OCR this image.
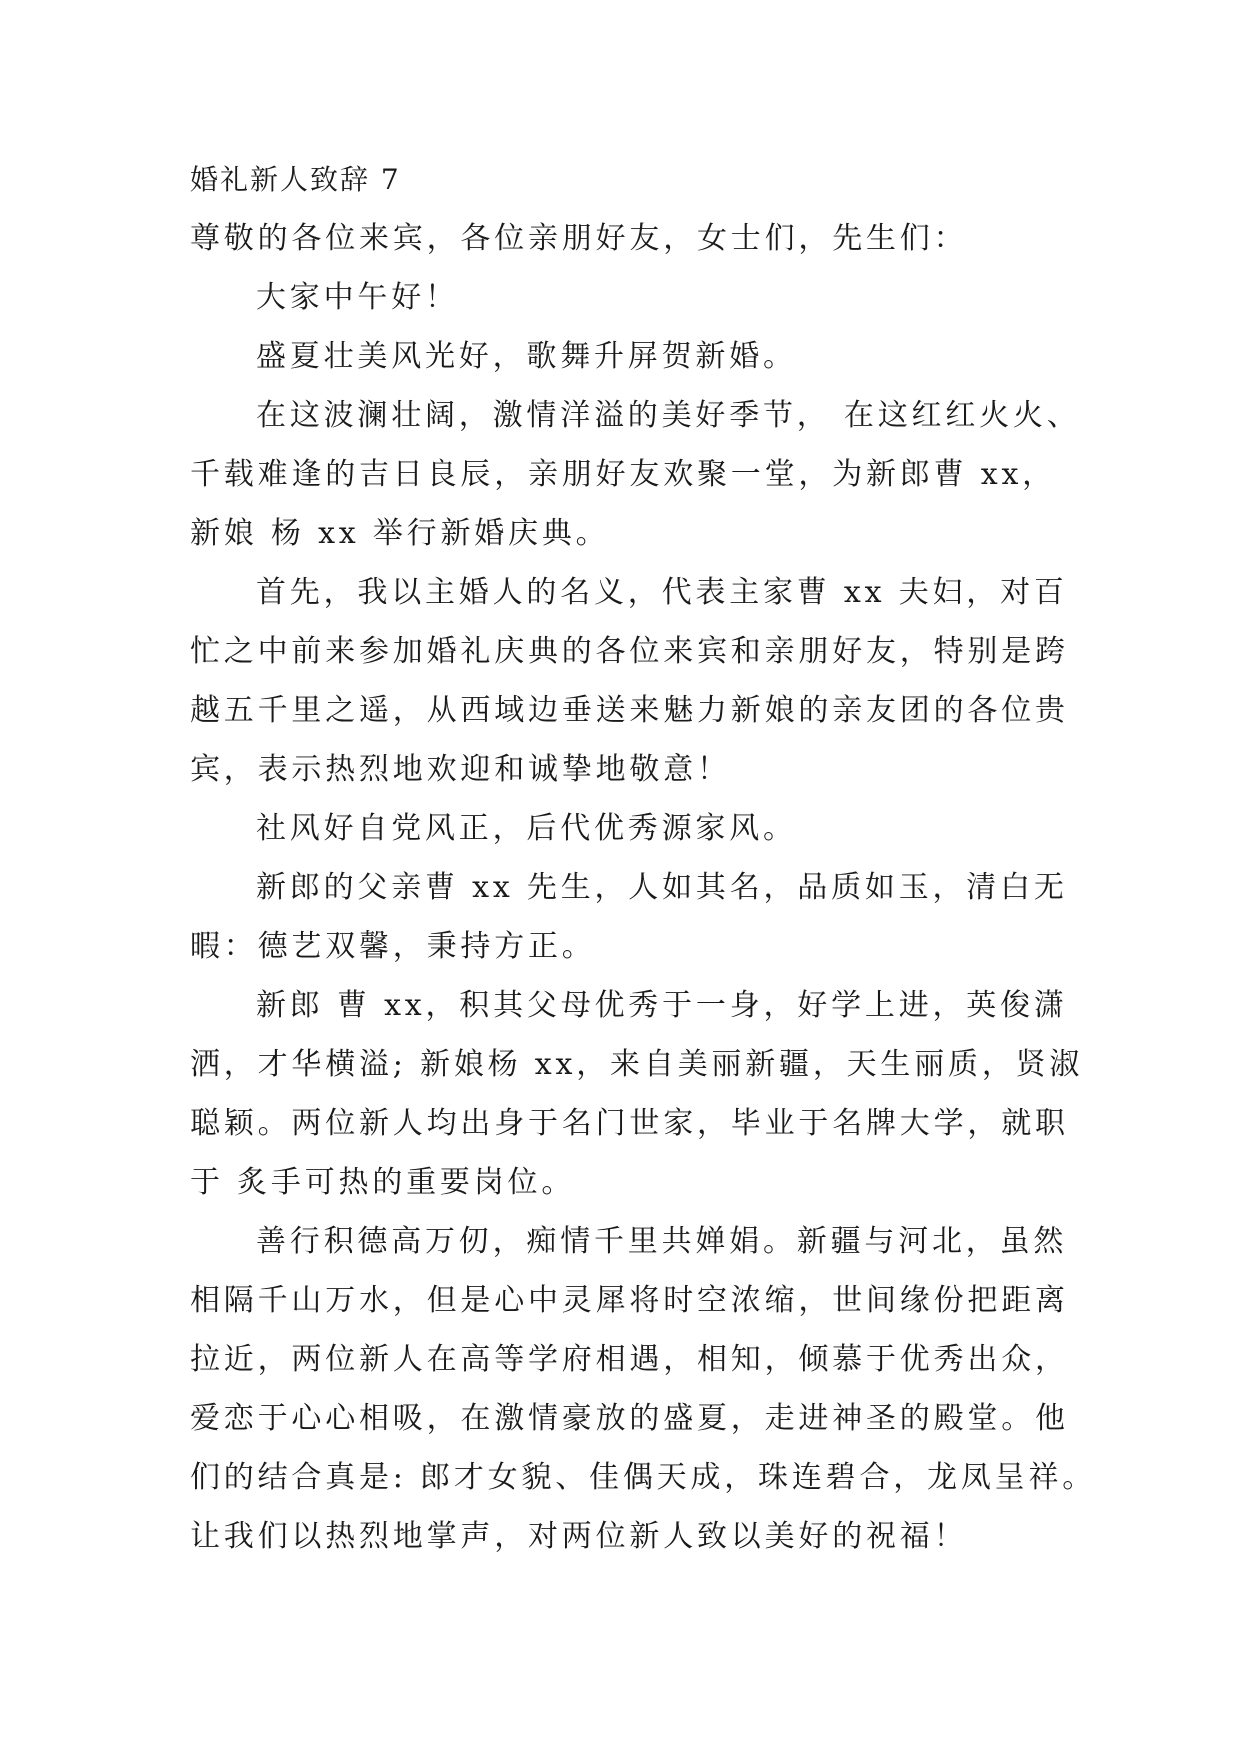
婚礼新人致辞 7
尊敬的各位来宾，各位亲朋好友，女士们，先生们：
大家中午好！
盛夏壮美风光好，歌舞升屏贺新婚。
在这波澜壮阔，激情洋溢的美好季节， 在这红红火火、
千载难逢的吉日良辰，亲朋好友欢聚一堂，为新郎曹 xx，
新娘 杨 xx 举行新婚庆典。
首先，我以主婚人的名义，代表主家曹 xx 夫妇，对百
忙之中前来参加婚礼庆典的各位来宾和亲朋好友，特别是跨
越五千里之遥，从西域边垂送来魅力新娘的亲友团的各位贵
宾，表示热烈地欢迎和诚挚地敬意！
社风好自党风正，后代优秀源家风。
新郎的父亲曹 xx 先生，人如其名，品质如玉，清白无
暇：德艺双馨，秉持方正。
新郎 曹 xx，积其父母优秀于一身，好学上进，英俊潇
洒，才华横溢; 新娘杨 xx，来自美丽新疆，天生丽质，贤淑
聪颖。两位新人均出身于名门世家，毕业于名牌大学，就职
于 炙手可热的重要岗位。
善行积德高万仞，痴情千里共婵娟。新疆与河北，虽然
相隔千山万水，但是心中灵犀将时空浓缩，世间缘份把距离
拉近，两位新人在高等学府相遇，相知，倾慕于优秀出众，
爱恋于心心相吸，在激情豪放的盛夏，走进神圣的殿堂。他
们的结合真是: 郎才女貌、佳偶天成，珠连碧合，龙凤呈祥。
让我们以热烈地掌声，对两位新人致以美好的祝福！
